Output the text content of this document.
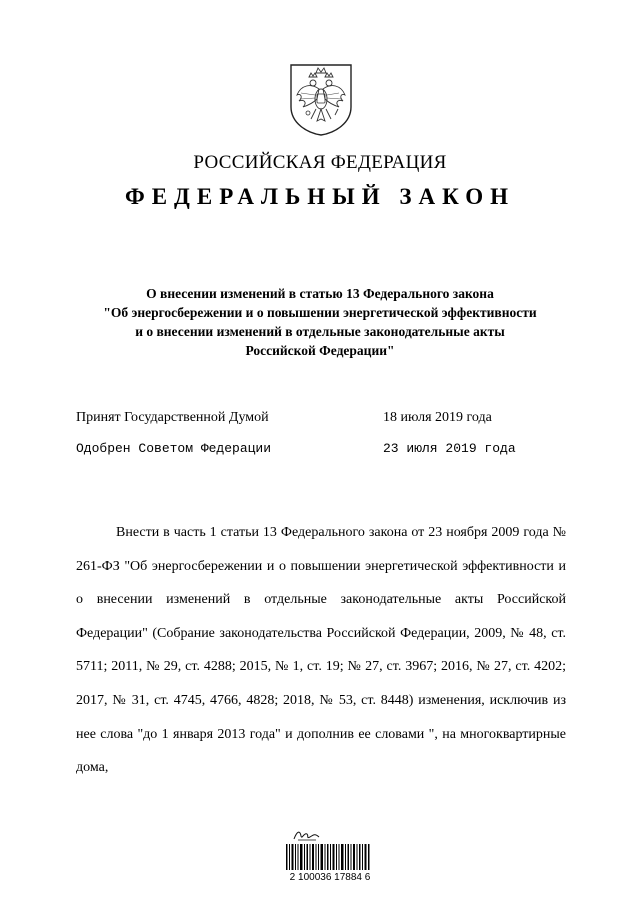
РОССИЙСКАЯ ФЕДЕРАЦИЯ
ФЕДЕРАЛЬНЫЙ ЗАКОН
О внесении изменений в статью 13 Федерального закона
"Об энергосбережении и о повышении энергетической эффективности
и о внесении изменений в отдельные законодательные акты
Российской Федерации"
Принят Государственной Думой	18 июля 2019 года
Одобрен Советом Федерации	23 июля 2019 года
Внести в часть 1 статьи 13 Федерального закона от 23 ноября 2009 года № 261-ФЗ "Об энергосбережении и о повышении энергетической эффективности и о внесении изменений в отдельные законодательные акты Российской Федерации" (Собрание законодательства Российской Федерации, 2009, № 48, ст. 5711; 2011, № 29, ст. 4288; 2015, № 1, ст. 19; № 27, ст. 3967; 2016, № 27, ст. 4202; 2017, № 31, ст. 4745, 4766, 4828; 2018, № 53, ст. 8448) изменения, исключив из нее слова "до 1 января 2013 года" и дополнив ее словами ", на многоквартирные дома,
2 100036 17884 6
